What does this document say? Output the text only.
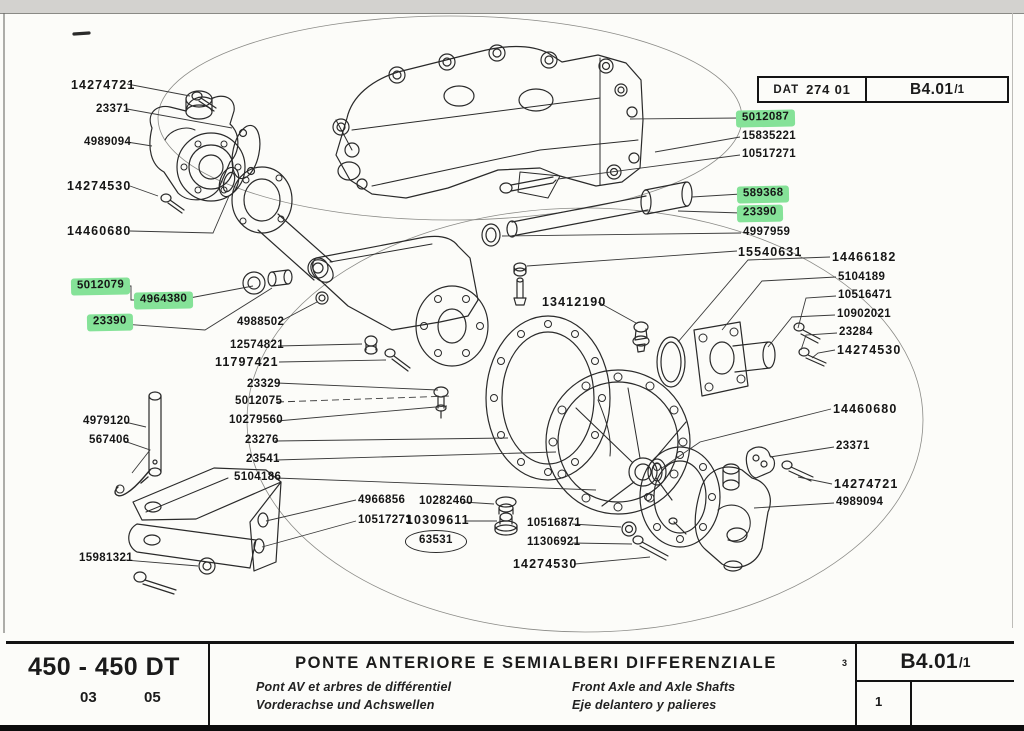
14274721
23371
4989094
14274530
14460680
5012079
4964380
23390	4988502
12574821
11797421
23329
5012075
10279560
23276
23541
5104186
4979120
567406
15981321
4966856 10282460
10517271
10309611
63531
10516871
11306921
14274530
13412190
5012087
15835221
10517271
589368
23390
4997959
15540631 14466182
5104189
10516471
10902021
23284
14274530
14460680
23371
14274721
4989094
DAT 274 01	B4.01 /1
450 - 450 DT
03	05
PONTE ANTERIORE E SEMIALBERI DIFFERENZIALE
Pont AV et arbres de différentiel
Vorderachse und Achswellen
Front Axle and Axle Shafts
Eje delantero y palieres
3	B4.01 /1
1
